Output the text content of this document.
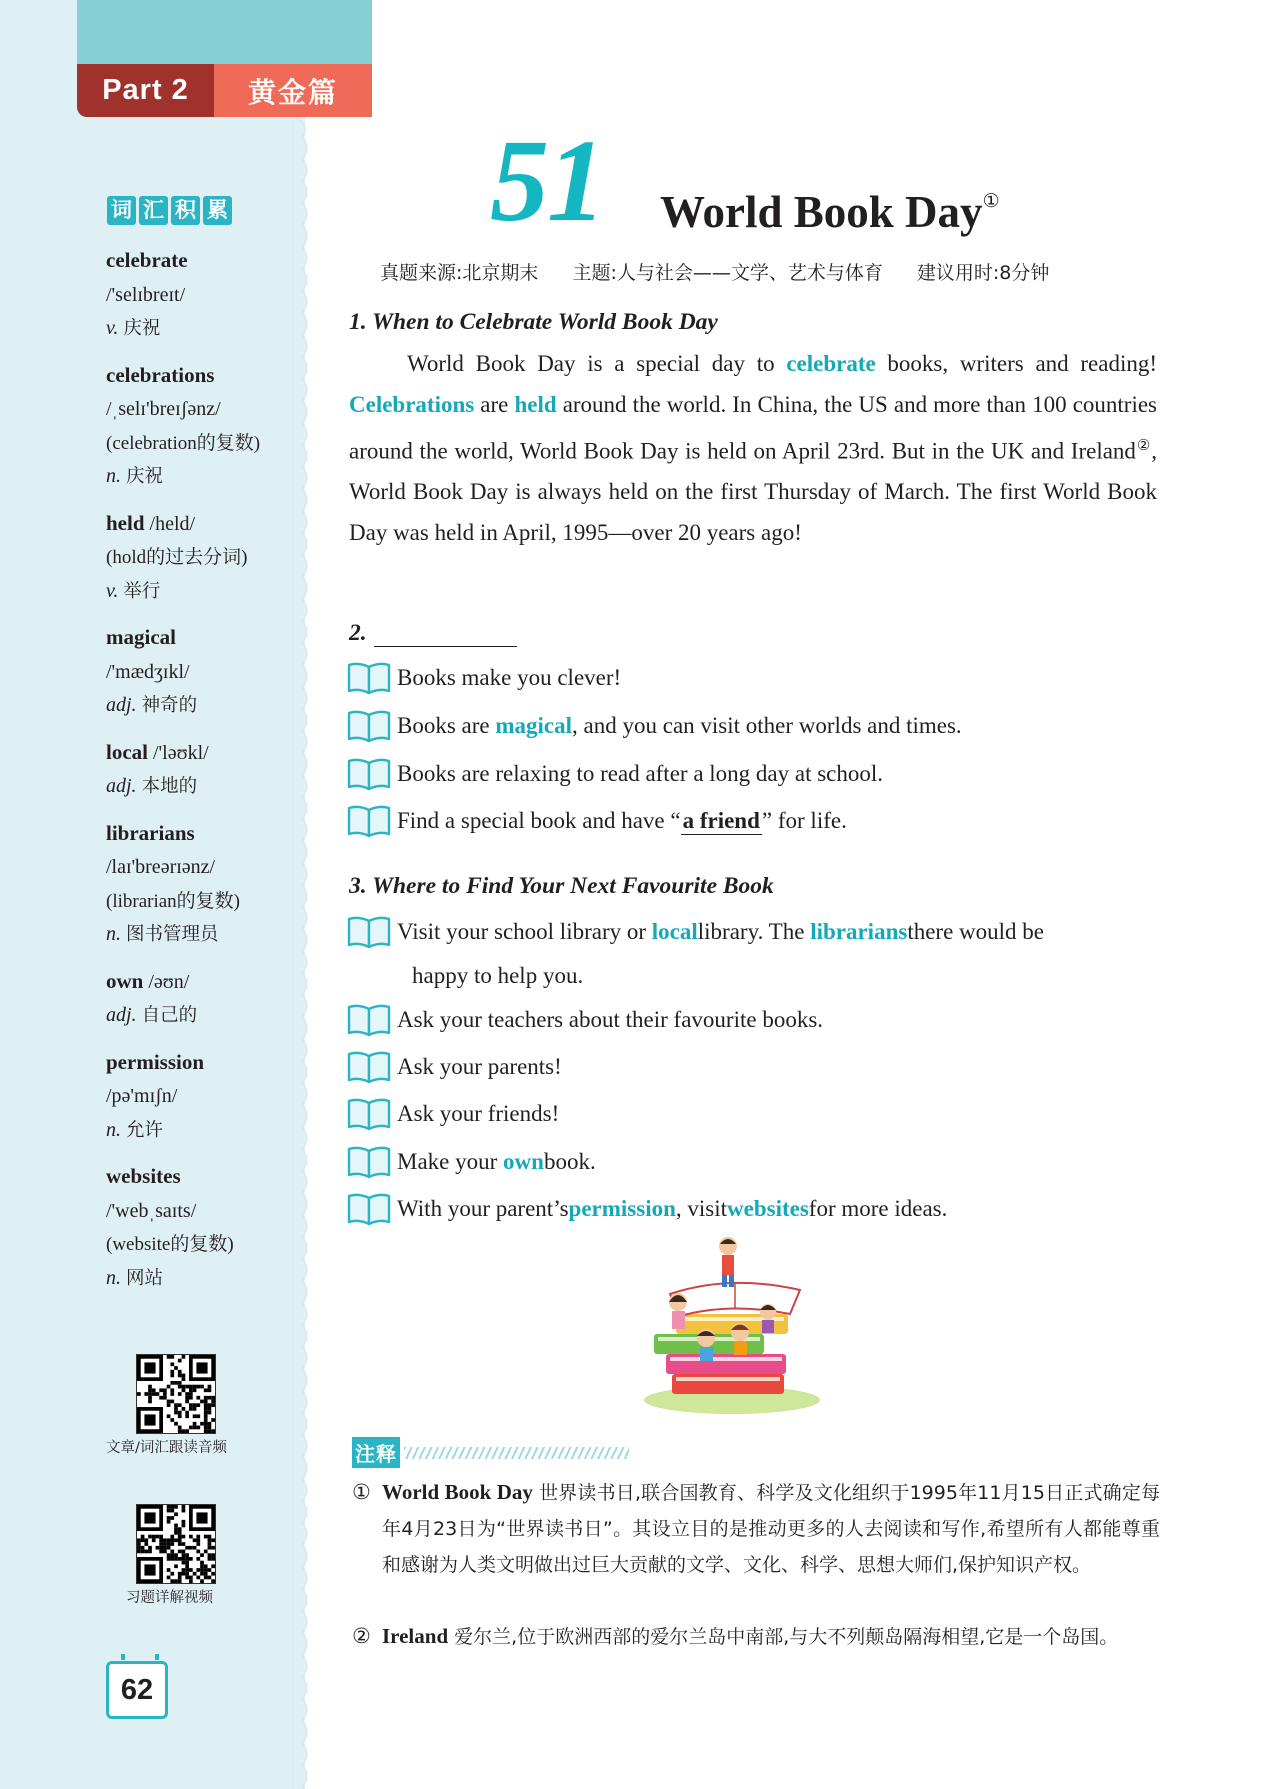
Part 2	黄金篇
词 汇 积 累
celebrate
/'selɪbreɪt/
v. 庆祝
celebrations
/ˌselɪ'breɪʃənz/
(celebration的复数)
n. 庆祝
held /held/
(hold的过去分词)
v. 举行
magical
/'mædʒɪkl/
adj. 神奇的
local /'ləʊkl/
adj. 本地的
librarians
/laɪ'breərɪənz/
(librarian的复数)
n. 图书管理员
own /əʊn/
adj. 自己的
permission
/pə'mɪʃn/
n. 允许
websites
/'webˌsaɪts/
(website的复数)
n. 网站
文章/词汇跟读音频
习题详解视频
62
51 World Book Day①
真题来源:北京期末 主题:人与社会——文学、艺术与体育 建议用时:8分钟
1. When to Celebrate World Book Day
World Book Day is a special day to celebrate books, writers and reading! Celebrations are held around the world. In China, the US and more than 100 countries around the world, World Book Day is held on April 23rd. But in the UK and Ireland②, World Book Day is always held on the first Thursday of March. The first World Book Day was held in April, 1995—over 20 years ago!
2.
Books make you clever!
Books are
magical , and you can visit other worlds and times.
Books are relaxing to read after a long day at school.
Find a special book and have “ a friend ” for life.
3. Where to Find Your Next Favourite Book
Visit your school library or
local library. The
librarians there would be
happy to help you.
Ask your teachers about their favourite books.
Ask your parents!
Ask your friends!
Make your
own book.
With your parent’s permission , visit websites for more ideas.
注释
① World Book Day 世界读书日,联合国教育、科学及文化组织于1995年11月15日正式确定每年4月23日为“世界读书日”。其设立目的是推动更多的人去阅读和写作,希望所有人都能尊重和感谢为人类文明做出过巨大贡献的文学、文化、科学、思想大师们,保护知识产权。
② Ireland 爱尔兰,位于欧洲西部的爱尔兰岛中南部,与大不列颠岛隔海相望,它是一个岛国。
